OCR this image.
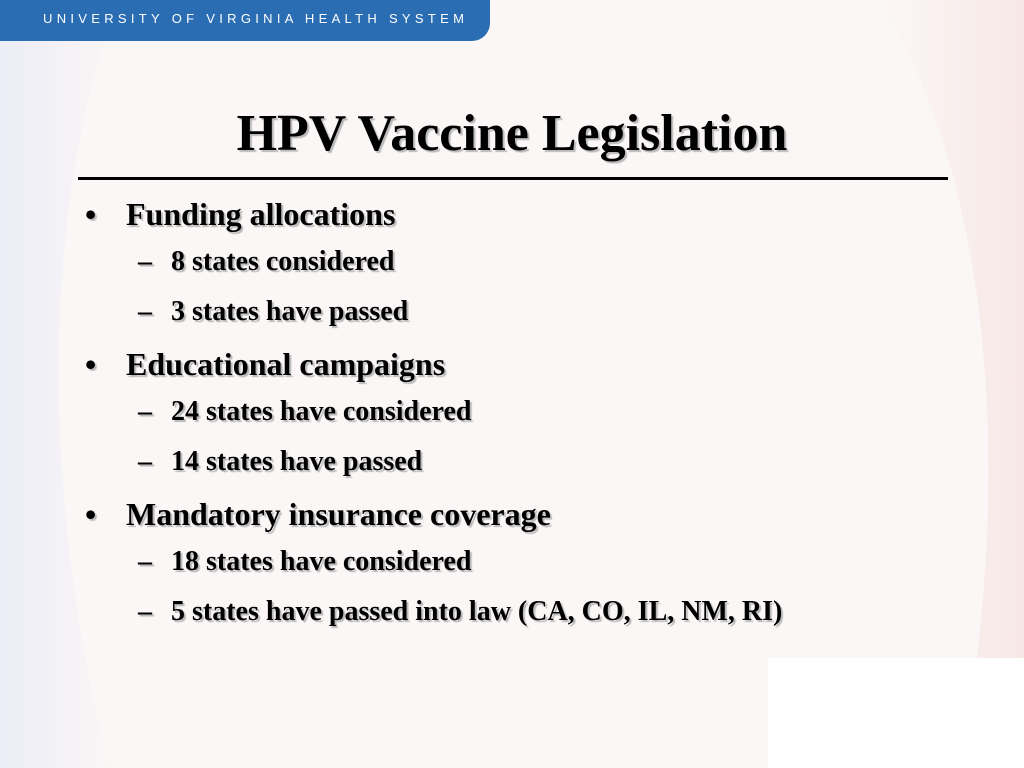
UNIVERSITY OF VIRGINIA HEALTH SYSTEM
HPV Vaccine Legislation
• Funding allocations
– 8 states considered
– 3 states have passed
• Educational campaigns
– 24 states have considered
– 14 states have passed
• Mandatory insurance coverage
– 18 states have considered
– 5 states have passed into law (CA, CO, IL, NM, RI)
